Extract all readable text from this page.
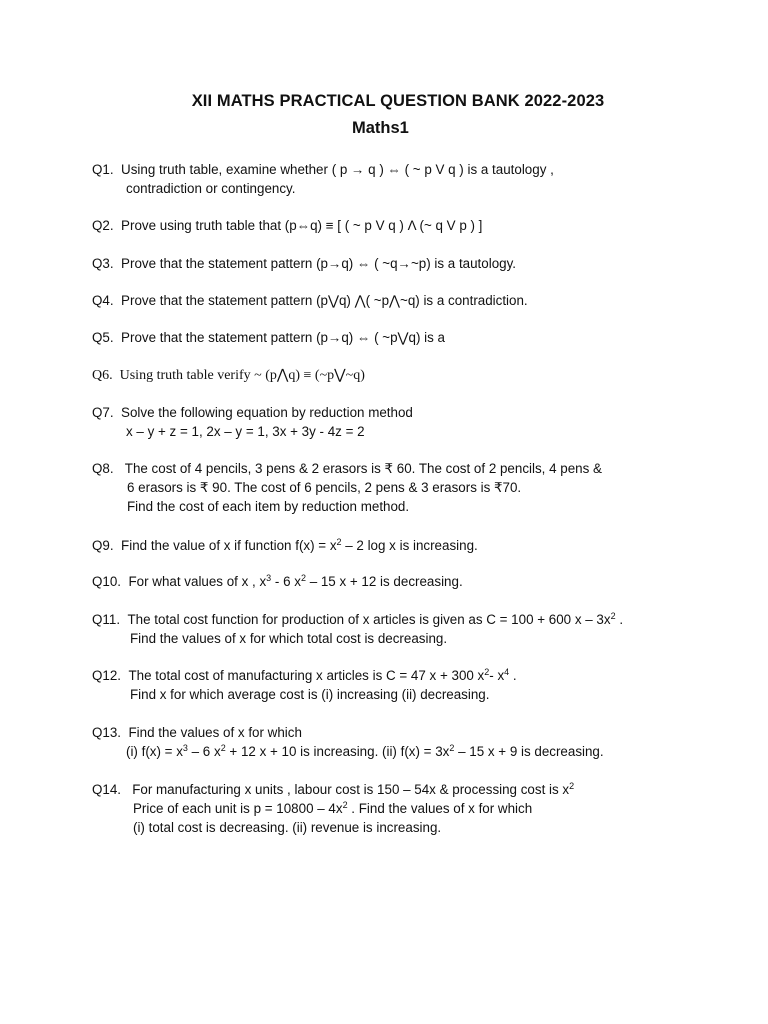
XII MATHS PRACTICAL QUESTION BANK 2022-2023
Maths1
Q1. Using truth table, examine whether ( p → q ) ⇔ ( ~ p V q ) is a tautology ,
contradiction or contingency.
Q2. Prove using truth table that (p⇔q) ≡ [ ( ~ p V q ) Λ (~ q V p ) ]
Q3. Prove that the statement pattern (p→q) ⇔ ( ~q→~p) is a tautology.
Q4. Prove that the statement pattern (p⋁q) ⋀( ~p⋀~q) is a contradiction.
Q5. Prove that the statement pattern (p→q) ⇔ ( ~p⋁q) is a
Q6. Using truth table verify ~ (p⋀q) ≡ (~p⋁~q)
Q7. Solve the following equation by reduction method
x – y + z = 1, 2x – y = 1, 3x + 3y - 4z = 2
Q8. The cost of 4 pencils, 3 pens & 2 erasors is ₹ 60. The cost of 2 pencils, 4 pens &
6 erasors is ₹ 90. The cost of 6 pencils, 2 pens & 3 erasors is ₹70.
Find the cost of each item by reduction method.
Q9. Find the value of x if function $f(x) = x^2 - 2$ log x is increasing.
Q10. For what values of x , $x^3 - 6$ $x^2 - 15$ x + 12 is decreasing.
Q11. The total cost function for production of x articles is given as C = 100 + 600 x – $3x^2$ .
Find the values of x for which total cost is decreasing.
Q12. The total cost of manufacturing x articles is C = 47 x + 300 $x^2-$ $x^4$ .
Find x for which average cost is (i) increasing (ii) decreasing.
Q13. Find the values of x for which
(i) $f(x) = x^3 - 6$ $x^2 + 12$ x + 10 is increasing. (ii) $f(x) = 3x^2 - 15$ x + 9 is decreasing.
Q14. For manufacturing x units , labour cost is 150 – 54x & processing cost is $x^2$
Price of each unit is $p = 10800 - 4x^2$ . Find the values of x for which
(i) total cost is decreasing. (ii) revenue is increasing.
